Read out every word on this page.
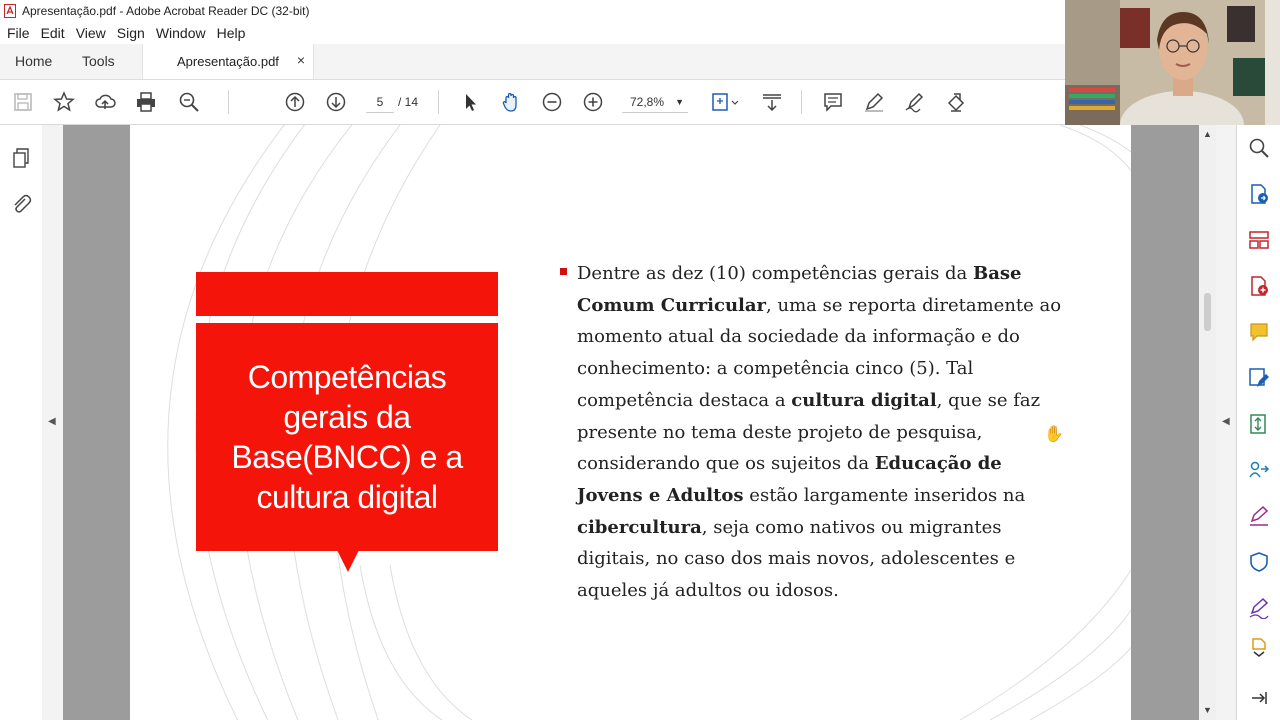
Apresentação.pdf - Adobe Acrobat Reader DC (32-bit)
File Edit View Sign Window Help
Home Tools	Apresentação.pdf ×
5	/ 14	72,8% ▼
◀
Competências gerais da Base(BNCC) e a cultura digital
Dentre as dez (10) competências gerais da Base Comum Curricular, uma se reporta diretamente ao momento atual da sociedade da informação e do conhecimento: a competência cinco (5). Tal competência destaca a cultura digital, que se faz presente no tema deste projeto de pesquisa, considerando que os sujeitos da Educação de Jovens e Adultos estão largamente inseridos na cibercultura, seja como nativos ou migrantes digitais, no caso dos mais novos, adolescentes e aqueles já adultos ou idosos.
✋
▲
▼
◀
